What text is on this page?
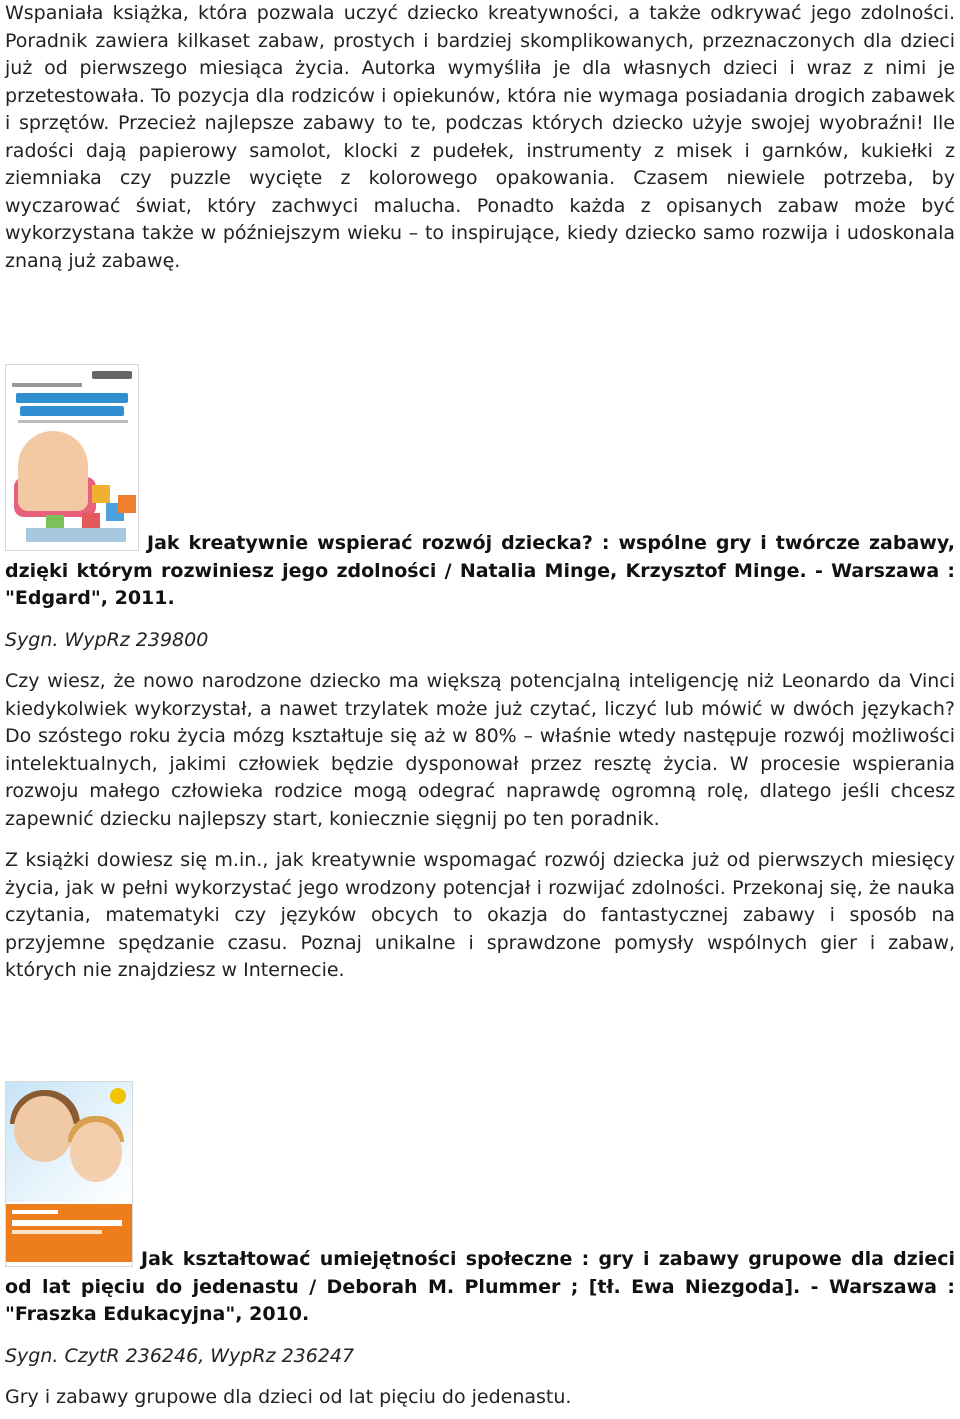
Wspaniała książka, która pozwala uczyć dziecko kreatywności, a także odkrywać jego zdolności. Poradnik zawiera kilkaset zabaw, prostych i bardziej skomplikowanych, przeznaczonych dla dzieci już od pierwszego miesiąca życia. Autorka wymyśliła je dla własnych dzieci i wraz z nimi je przetestowała. To pozycja dla rodziców i opiekunów, która nie wymaga posiadania drogich zabawek i sprzętów. Przecież najlepsze zabawy to te, podczas których dziecko użyje swojej wyobraźni! Ile radości dają papierowy samolot, klocki z pudełek, instrumenty z misek i garnków, kukiełki z ziemniaka czy puzzle wycięte z kolorowego opakowania. Czasem niewiele potrzeba, by wyczarować świat, który zachwyci malucha. Ponadto każda z opisanych zabaw może być wykorzystana także w późniejszym wieku – to inspirujące, kiedy dziecko samo rozwija i udoskonala znaną już zabawę.

Jak kreatywnie wspierać rozwój dziecka? : wspólne gry i twórcze zabawy, dzięki którym rozwiniesz jego zdolności / Natalia Minge, Krzysztof Minge. - Warszawa : "Edgard", 2011.

Sygn. WypRz 239800

Czy wiesz, że nowo narodzone dziecko ma większą potencjalną inteligencję niż Leonardo da Vinci kiedykolwiek wykorzystał, a nawet trzylatek może już czytać, liczyć lub mówić w dwóch językach? Do szóstego roku życia mózg kształtuje się aż w 80% – właśnie wtedy następuje rozwój możliwości intelektualnych, jakimi człowiek będzie dysponował przez resztę życia. W procesie wspierania rozwoju małego człowieka rodzice mogą odegrać naprawdę ogromną rolę, dlatego jeśli chcesz zapewnić dziecku najlepszy start, koniecznie sięgnij po ten poradnik.

Z książki dowiesz się m.in., jak kreatywnie wspomagać rozwój dziecka już od pierwszych miesięcy życia, jak w pełni wykorzystać jego wrodzony potencjał i rozwijać zdolności. Przekonaj się, że nauka czytania, matematyki czy języków obcych to okazja do fantastycznej zabawy i sposób na przyjemne spędzanie czasu. Poznaj unikalne i sprawdzone pomysły wspólnych gier i zabaw, których nie znajdziesz w Internecie.

Jak kształtować umiejętności społeczne : gry i zabawy grupowe dla dzieci od lat pięciu do jedenastu / Deborah M. Plummer ; [tł. Ewa Niezgoda]. - Warszawa : "Fraszka Edukacyjna", 2010.

Sygn. CzytR 236246, WypRz 236247

Gry i zabawy grupowe dla dzieci od lat pięciu do jedenastu.
